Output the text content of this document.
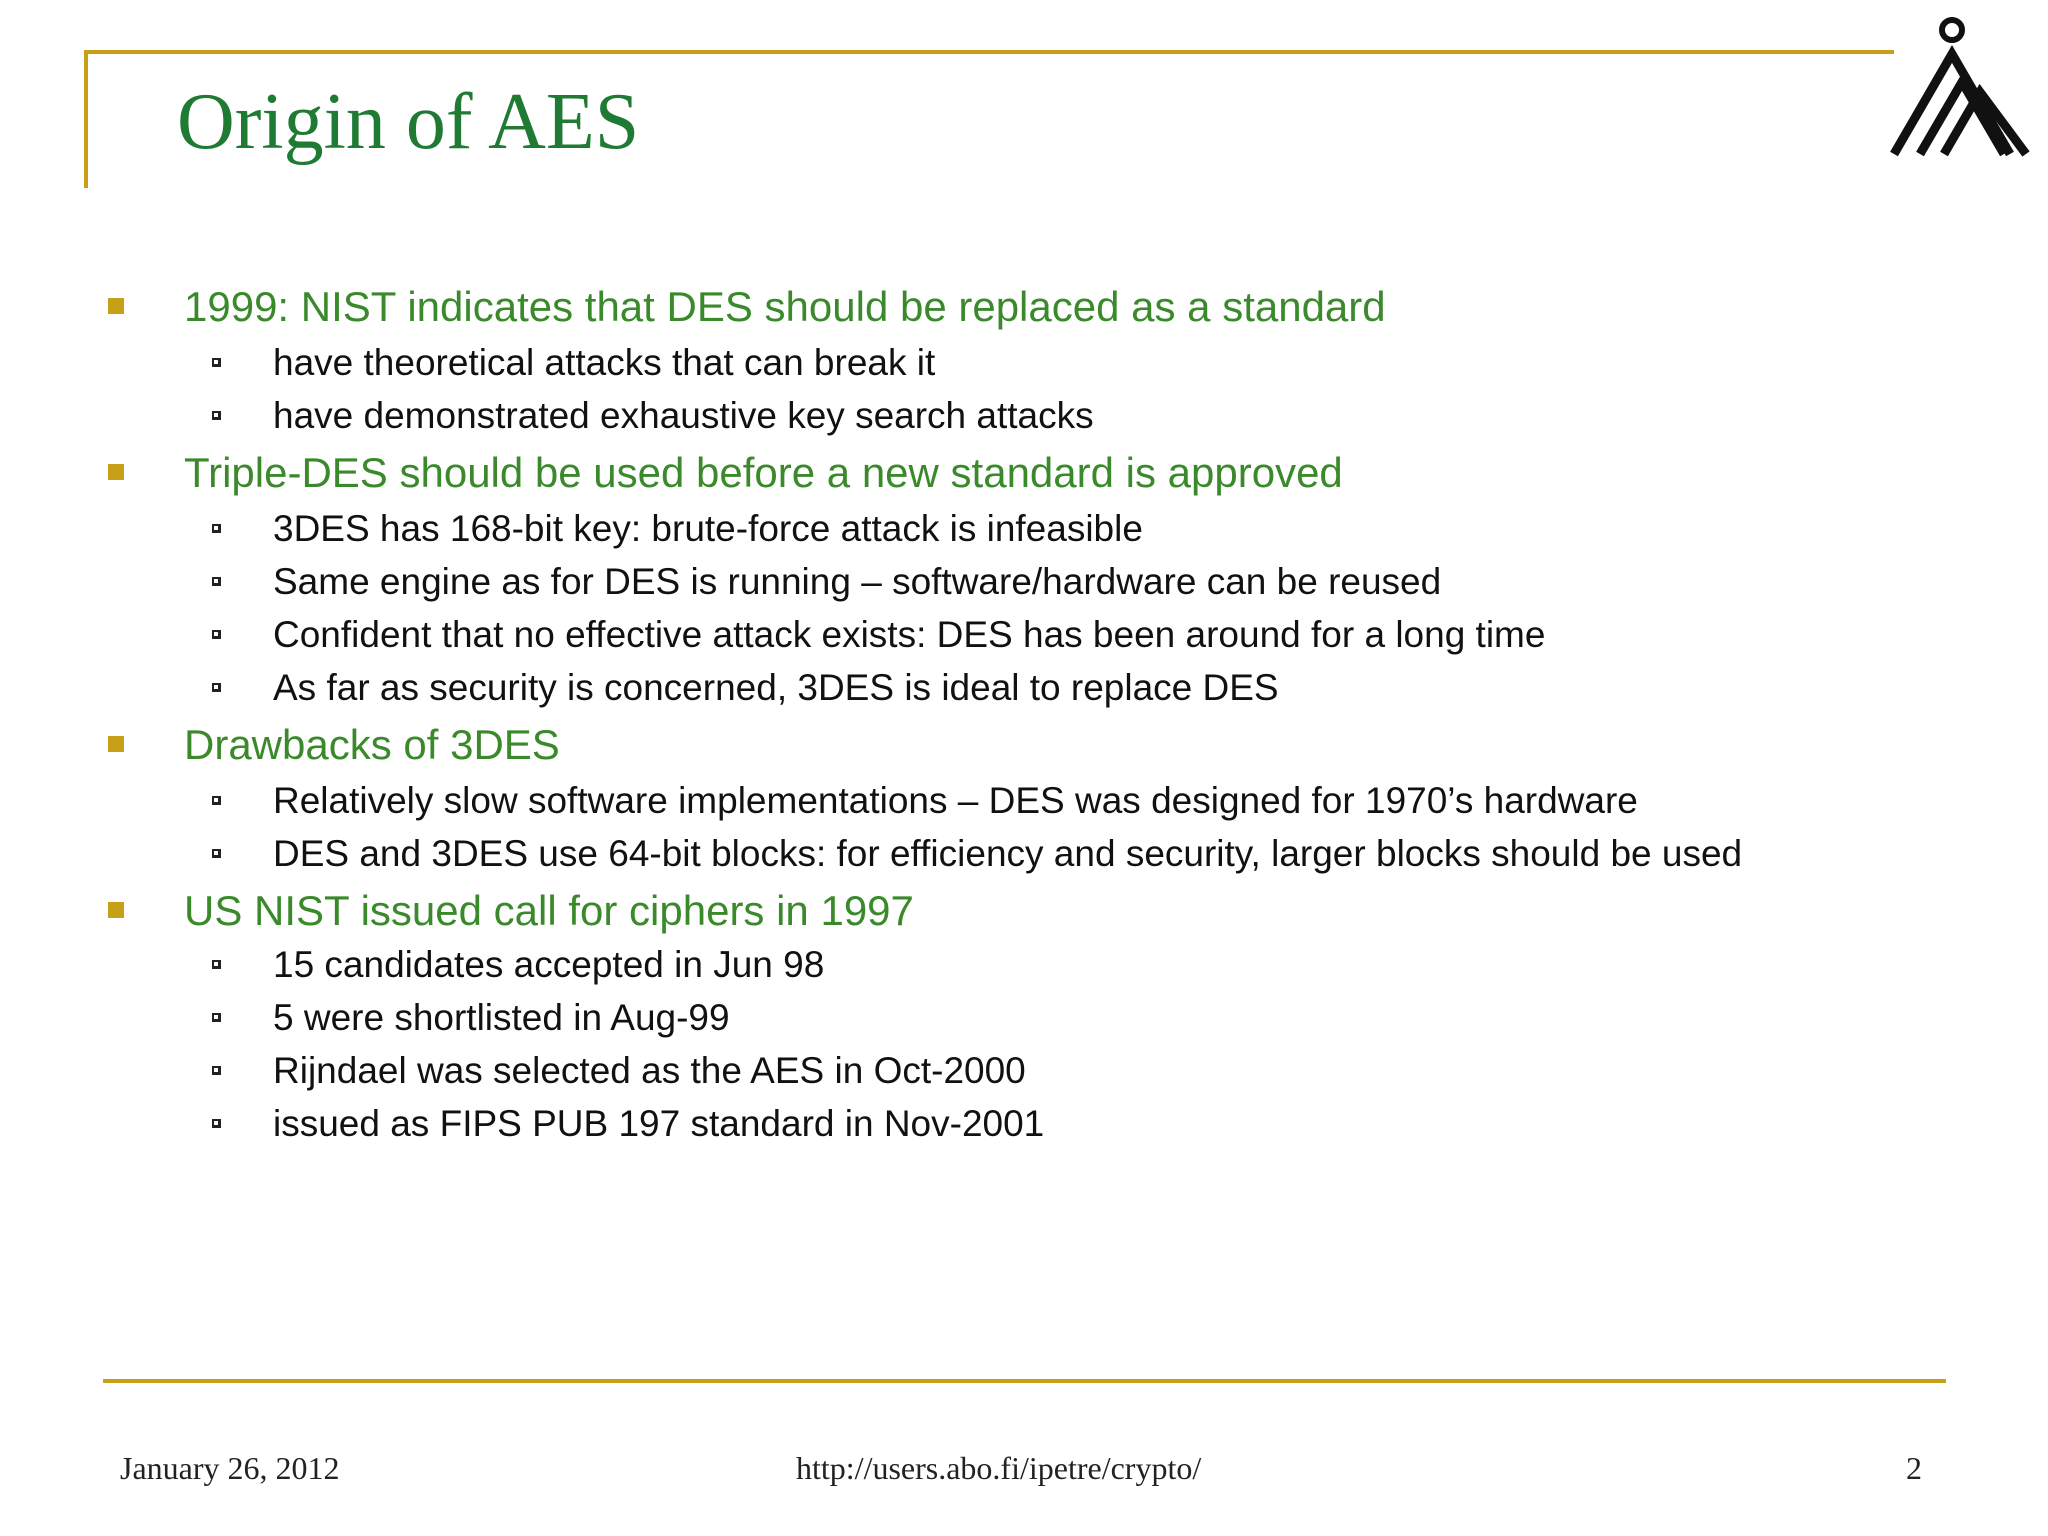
Origin of AES
1999: NIST indicates that DES should be replaced as a standard
have theoretical attacks that can break it
have demonstrated exhaustive key search attacks
Triple-DES should be used before a new standard is approved
3DES has 168-bit key: brute-force attack is infeasible
Same engine as for DES is running – software/hardware can be reused
Confident that no effective attack exists: DES has been around for a long time
As far as security is concerned, 3DES is ideal to replace DES
Drawbacks of 3DES
Relatively slow software implementations – DES was designed for 1970’s hardware
DES and 3DES use 64-bit blocks: for efficiency and security, larger blocks should be used
US NIST issued call for ciphers in 1997
15 candidates accepted in Jun 98
5 were shortlisted in Aug-99
Rijndael was selected as the AES in Oct-2000
issued as FIPS PUB 197 standard in Nov-2001
January 26, 2012	http://users.abo.fi/ipetre/crypto/	2
